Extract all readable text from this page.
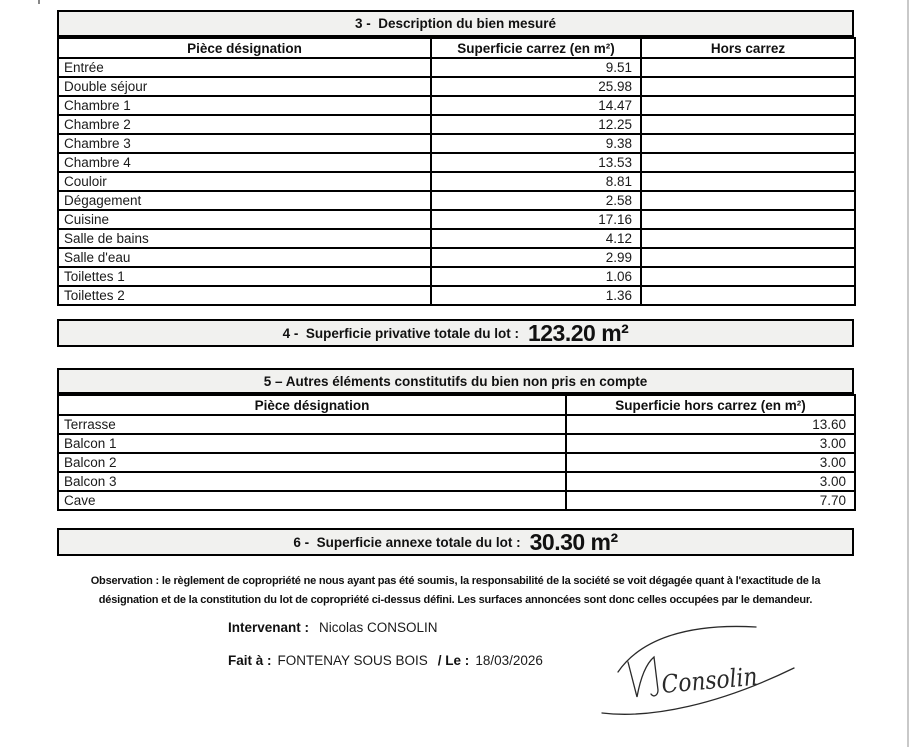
3 -  Description du bien mesuré
Pièce désignation	Superficie carrez (en m²)	Hors carrez
Entrée	9.51	
Double séjour	25.98	
Chambre 1	14.47	
Chambre 2	12.25	
Chambre 3	9.38	
Chambre 4	13.53	
Couloir	8.81	
Dégagement	2.58	
Cuisine	17.16	
Salle de bains	4.12	
Salle d'eau	2.99	
Toilettes 1	1.06	
Toilettes 2	1.36	
4 -  Superficie privative totale du lot : 123.20 m²
5 – Autres éléments constitutifs du bien non pris en compte
Pièce désignation	Superficie hors carrez (en m²)
Terrasse	13.60
Balcon 1	3.00
Balcon 2	3.00
Balcon 3	3.00
Cave	7.70
6 -  Superficie annexe totale du lot : 30.30 m²
Observation : le règlement de copropriété ne nous ayant pas été soumis, la responsabilité de la société se voit dégagée quant à l'exactitude de la
désignation et de la constitution du lot de copropriété ci-dessus défini. Les surfaces annoncées sont donc celles occupées par le demandeur.
Intervenant : Nicolas CONSOLIN
Fait à : FONTENAY SOUS BOIS / Le : 18/03/2026	Consolin
